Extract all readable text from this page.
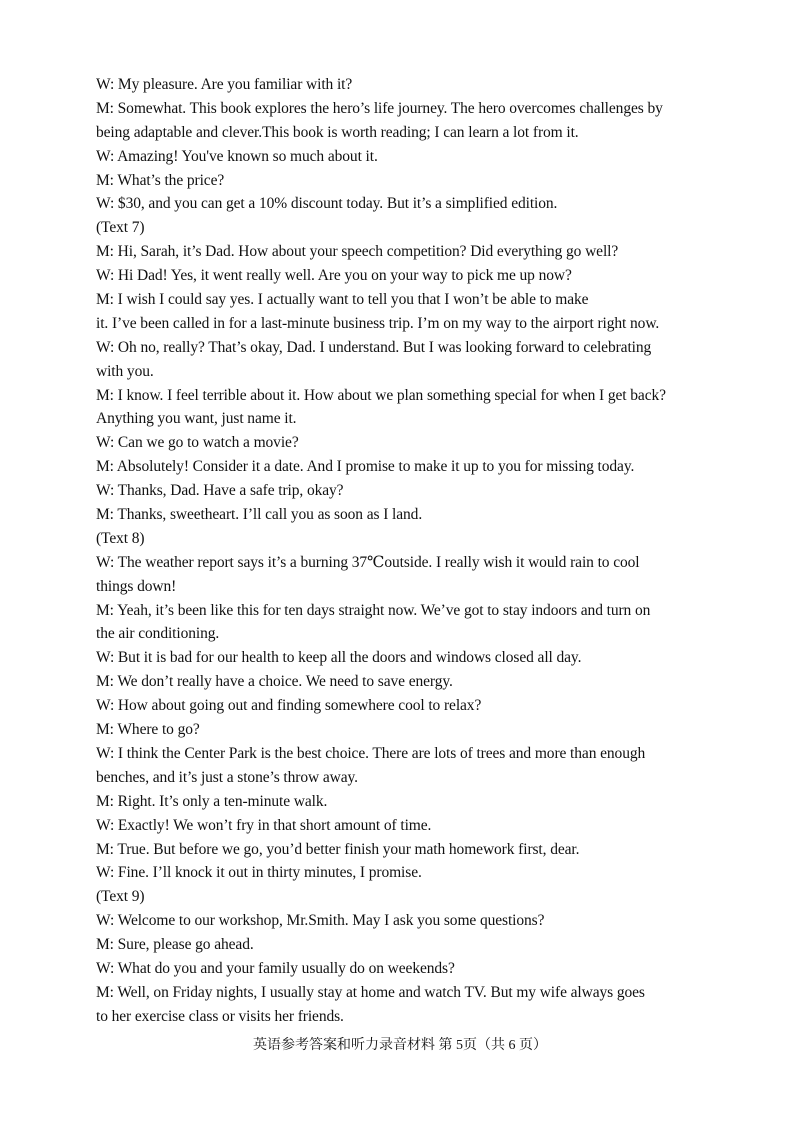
W: My pleasure. Are you familiar with it?
M: Somewhat. This book explores the hero’s life journey. The hero overcomes challenges by
being adaptable and clever.This book is worth reading; I can learn a lot from it.
W: Amazing! You've known so much about it.
M: What’s the price?
W: $30, and you can get a 10% discount today. But it’s a simplified edition.
(Text 7)
M: Hi, Sarah, it’s Dad. How about your speech competition? Did everything go well?
W: Hi Dad! Yes, it went really well. Are you on your way to pick me up now?
M: I wish I could say yes. I actually want to tell you that I won’t be able to make
it. I’ve been called in for a last-minute business trip. I’m on my way to the airport right now.
W: Oh no, really? That’s okay, Dad. I understand. But I was looking forward to celebrating
with you.
M: I know. I feel terrible about it. How about we plan something special for when I get back?
Anything you want, just name it.
W: Can we go to watch a movie?
M: Absolutely! Consider it a date. And I promise to make it up to you for missing today.
W: Thanks, Dad. Have a safe trip, okay?
M: Thanks, sweetheart. I’ll call you as soon as I land.
(Text 8)
W: The weather report says it’s a burning 37℃outside. I really wish it would rain to cool
things down!
M: Yeah, it’s been like this for ten days straight now. We’ve got to stay indoors and turn on
the air conditioning.
W: But it is bad for our health to keep all the doors and windows closed all day.
M: We don’t really have a choice. We need to save energy.
W: How about going out and finding somewhere cool to relax?
M: Where to go?
W: I think the Center Park is the best choice. There are lots of trees and more than enough
benches, and it’s just a stone’s throw away.
M: Right. It’s only a ten-minute walk.
W: Exactly! We won’t fry in that short amount of time.
M: True. But before we go, you’d better finish your math homework first, dear.
W: Fine. I’ll knock it out in thirty minutes, I promise.
(Text 9)
W: Welcome to our workshop, Mr.Smith. May I ask you some questions?
M: Sure, please go ahead.
W: What do you and your family usually do on weekends?
M: Well, on Friday nights, I usually stay at home and watch TV. But my wife always goes
to her exercise class or visits her friends.
英语参考答案和听力录音材料 第 5页（共 6 页）
